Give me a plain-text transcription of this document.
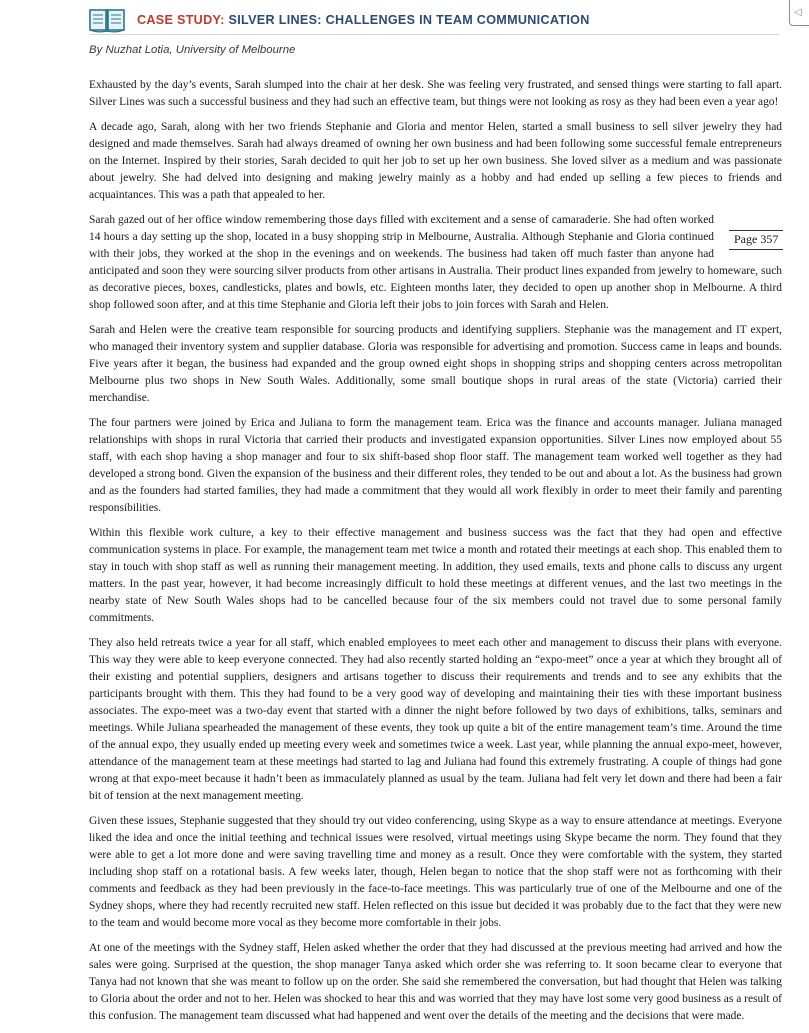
CASE STUDY: SILVER LINES: CHALLENGES IN TEAM COMMUNICATION
By Nuzhat Lotia, University of Melbourne
◁
Page 357

Exhausted by the day’s events, Sarah slumped into the chair at her desk. She was feeling very frustrated, and sensed things were starting to fall apart. Silver Lines was such a successful business and they had such an effective team, but things were not looking as rosy as they had been even a year ago!

A decade ago, Sarah, along with her two friends Stephanie and Gloria and mentor Helen, started a small business to sell silver jewelry they had designed and made themselves. Sarah had always dreamed of owning her own business and had been following some successful female entrepreneurs on the Internet. Inspired by their stories, Sarah decided to quit her job to set up her own business. She loved silver as a medium and was passionate about jewelry. She had delved into designing and making jewelry mainly as a hobby and had ended up selling a few pieces to friends and acquaintances. This was a path that appealed to her.

Sarah gazed out of her office window remembering those days filled with excitement and a sense of camaraderie. She had often worked 14 hours a day setting up the shop, located in a busy shopping strip in Melbourne, Australia. Although Stephanie and Gloria continued with their jobs, they worked at the shop in the evenings and on weekends. The business had taken off much faster than anyone had anticipated and soon they were sourcing silver products from other artisans in Australia. Their product lines expanded from jewelry to homeware, such as decorative pieces, boxes, candlesticks, plates and bowls, etc. Eighteen months later, they decided to open up another shop in Melbourne. A third shop followed soon after, and at this time Stephanie and Gloria left their jobs to join forces with Sarah and Helen.

Sarah and Helen were the creative team responsible for sourcing products and identifying suppliers. Stephanie was the management and IT expert, who managed their inventory system and supplier database. Gloria was responsible for advertising and promotion. Success came in leaps and bounds. Five years after it began, the business had expanded and the group owned eight shops in shopping strips and shopping centers across metropolitan Melbourne plus two shops in New South Wales. Additionally, some small boutique shops in rural areas of the state (Victoria) carried their merchandise.

The four partners were joined by Erica and Juliana to form the management team. Erica was the finance and accounts manager. Juliana managed relationships with shops in rural Victoria that carried their products and investigated expansion opportunities. Silver Lines now employed about 55 staff, with each shop having a shop manager and four to six shift-based shop floor staff. The management team worked well together as they had developed a strong bond. Given the expansion of the business and their different roles, they tended to be out and about a lot. As the business had grown and as the founders had started families, they had made a commitment that they would all work flexibly in order to meet their family and parenting responsibilities.

Within this flexible work culture, a key to their effective management and business success was the fact that they had open and effective communication systems in place. For example, the management team met twice a month and rotated their meetings at each shop. This enabled them to stay in touch with shop staff as well as running their management meeting. In addition, they used emails, texts and phone calls to discuss any urgent matters. In the past year, however, it had become increasingly difficult to hold these meetings at different venues, and the last two meetings in the nearby state of New South Wales shops had to be cancelled because four of the six members could not travel due to some personal family commitments.

They also held retreats twice a year for all staff, which enabled employees to meet each other and management to discuss their plans with everyone. This way they were able to keep everyone connected. They had also recently started holding an “expo-meet” once a year at which they brought all of their existing and potential suppliers, designers and artisans together to discuss their requirements and trends and to see any exhibits that the participants brought with them. This they had found to be a very good way of developing and maintaining their ties with these important business associates. The expo-meet was a two-day event that started with a dinner the night before followed by two days of exhibitions, talks, seminars and meetings. While Juliana spearheaded the management of these events, they took up quite a bit of the entire management team’s time. Around the time of the annual expo, they usually ended up meeting every week and sometimes twice a week. Last year, while planning the annual expo-meet, however, attendance of the management team at these meetings had started to lag and Juliana had found this extremely frustrating. A couple of things had gone wrong at that expo-meet because it hadn’t been as immaculately planned as usual by the team. Juliana had felt very let down and there had been a fair bit of tension at the next management meeting.

Given these issues, Stephanie suggested that they should try out video conferencing, using Skype as a way to ensure attendance at meetings. Everyone liked the idea and once the initial teething and technical issues were resolved, virtual meetings using Skype became the norm. They found that they were able to get a lot more done and were saving travelling time and money as a result. Once they were comfortable with the system, they started including shop staff on a rotational basis. A few weeks later, though, Helen began to notice that the shop staff were not as forthcoming with their comments and feedback as they had been previously in the face-to-face meetings. This was particularly true of one of the Melbourne and one of the Sydney shops, where they had recently recruited new staff. Helen reflected on this issue but decided it was probably due to the fact that they were new to the team and would become more vocal as they become more comfortable in their jobs.

At one of the meetings with the Sydney staff, Helen asked whether the order that they had discussed at the previous meeting had arrived and how the sales were going. Surprised at the question, the shop manager Tanya asked which order she was referring to. It soon became clear to everyone that Tanya had not known that she was meant to follow up on the order. She said she remembered the conversation, but had thought that Helen was talking to Gloria about the order and not to her. Helen was shocked to hear this and was worried that they may have lost some very good business as a result of this confusion. The management team discussed what had happened and went over the details of the meeting and the decisions that were made.
